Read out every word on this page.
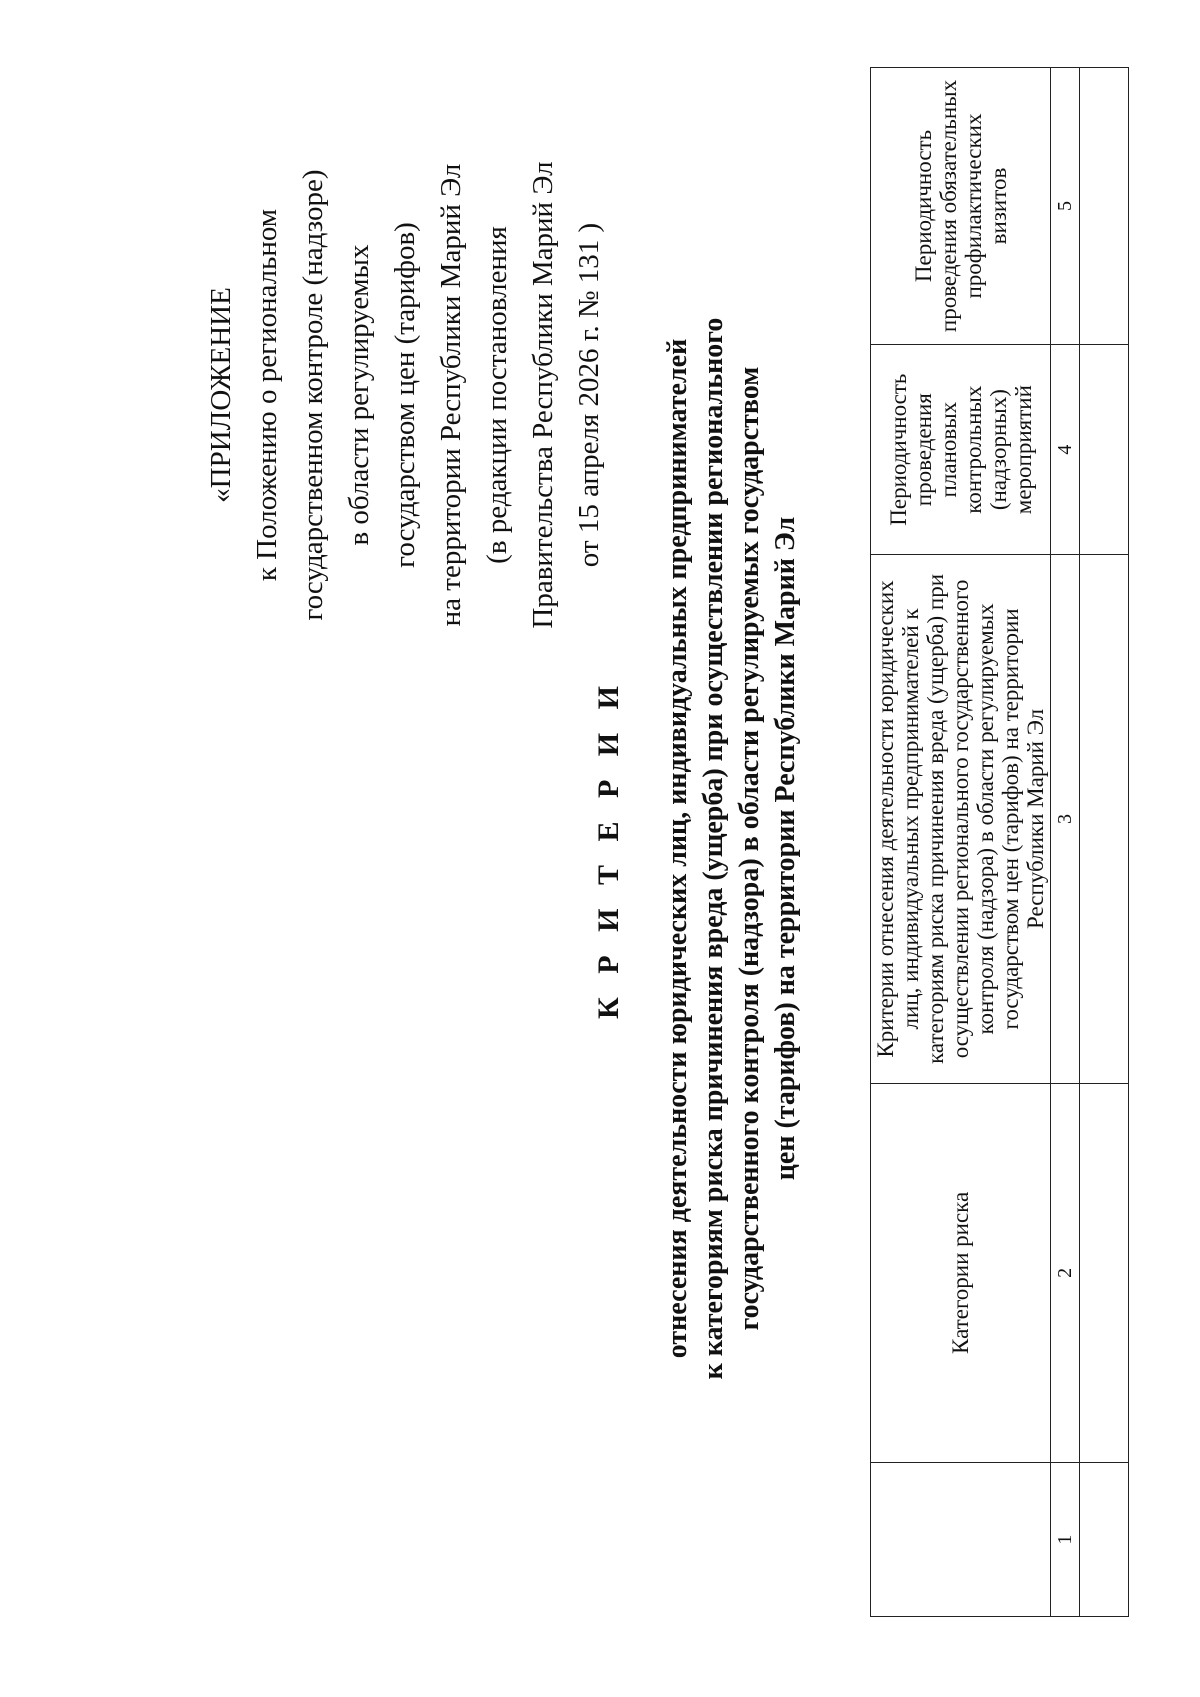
«ПРИЛОЖЕНИЕ к Положению о региональном государственном контроле (надзоре) в области регулируемых государством цен (тарифов) на территории Республики Марий Эл (в редакции постановления Правительства Республики Марий Эл от 15 апреля 2026 г. № 131 )
К Р И Т Е Р И И отнесения деятельности юридических лиц, индивидуальных предпринимателей к категориям риска причинения вреда (ущерба) при осуществлении регионального государственного контроля (надзора) в области регулируемых государством цен (тарифов) на территории Республики Марий Эл
	Категории риска	Критерии отнесения деятельности юридических лиц, индивидуальных предпринимателей к категориям риска причинения вреда (ущерба) при осуществлении регионального государственного контроля (надзора) в области регулируемых государством цен (тарифов) на территории Республики Марий Эл	Периодичность проведения плановых контрольных (надзорных) мероприятий	Периодичность проведения обязательных профилактических визитов
1	2	3	4	5
